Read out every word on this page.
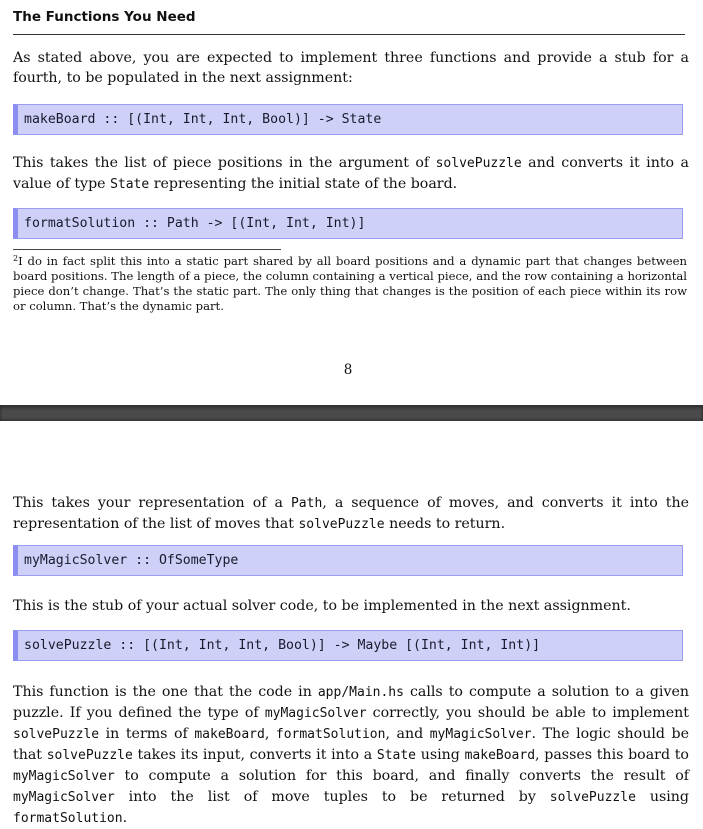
The Functions You Need

As stated above, you are expected to implement three functions and provide a stub for a fourth, to be populated in the next assignment:

makeBoard :: [(Int, Int, Int, Bool)] -> State

This takes the list of piece positions in the argument of solvePuzzle and converts it into a value of type State representing the initial state of the board.

formatSolution :: Path -> [(Int, Int, Int)]

$^2$I do in fact split this into a static part shared by all board positions and a dynamic part that changes between board positions. The length of a piece, the column containing a vertical piece, and the row containing a horizontal piece don’t change. That’s the static part. The only thing that changes is the position of each piece within its row or column. That’s the dynamic part.

8

This takes your representation of a Path, a sequence of moves, and converts it into the representation of the list of moves that solvePuzzle needs to return.

myMagicSolver :: OfSomeType

This is the stub of your actual solver code, to be implemented in the next assignment.

solvePuzzle :: [(Int, Int, Int, Bool)] -> Maybe [(Int, Int, Int)]

This function is the one that the code in app/Main.hs calls to compute a solution to a given puzzle. If you defined the type of myMagicSolver correctly, you should be able to implement solvePuzzle in terms of makeBoard, formatSolution, and myMagicSolver. The logic should be that solvePuzzle takes its input, converts it into a State using makeBoard, passes this board to myMagicSolver to compute a solution for this board, and finally converts the result of myMagicSolver into the list of move tuples to be returned by solvePuzzle using formatSolution.
